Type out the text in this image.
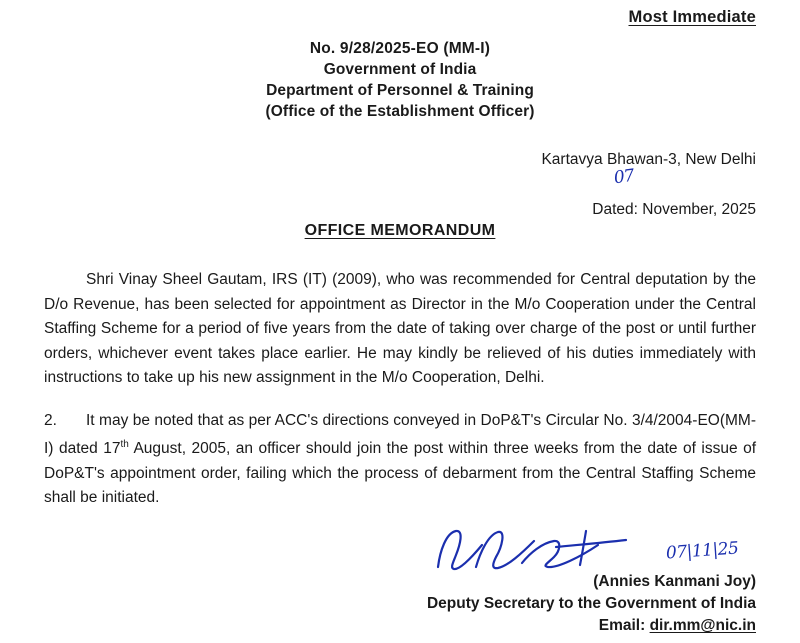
Most Immediate
No. 9/28/2025-EO (MM-I)
Government of India
Department of Personnel & Training
(Office of the Establishment Officer)
Kartavya Bhawan-3, New Delhi

Dated: November, 2025

07

OFFICE MEMORANDUM

Shri Vinay Sheel Gautam, IRS (IT) (2009), who was recommended for Central deputation by the D/o Revenue, has been selected for appointment as Director in the M/o Cooperation under the Central Staffing Scheme for a period of five years from the date of taking over charge of the post or until further orders, whichever event takes place earlier. He may kindly be relieved of his duties immediately with instructions to take up his new assignment in the M/o Cooperation, Delhi.

2. It may be noted that as per ACC's directions conveyed in DoP&T's Circular No. 3/4/2004-EO(MM-I) dated 17th August, 2005, an officer should join the post within three weeks from the date of issue of DoP&T's appointment order, failing which the process of debarment from the Central Staffing Scheme shall be initiated.

07|11|25
(Annies Kanmani Joy)
Deputy Secretary to the Government of India
Email: dir.mm@nic.in
